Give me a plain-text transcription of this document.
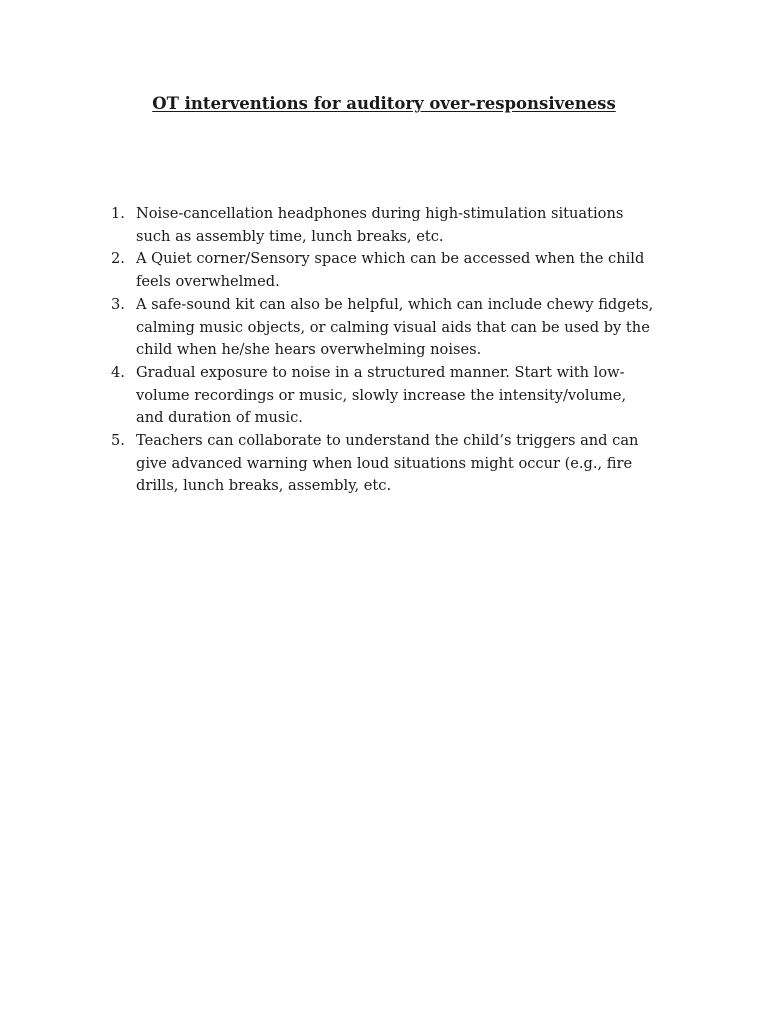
OT interventions for auditory over-responsiveness
1. Noise-cancellation headphones during high-stimulation situations such as assembly time, lunch breaks, etc.
2. A Quiet corner/Sensory space which can be accessed when the child feels overwhelmed.
3. A safe-sound kit can also be helpful, which can include chewy fidgets, calming music objects, or calming visual aids that can be used by the child when he/she hears overwhelming noises.
4. Gradual exposure to noise in a structured manner. Start with low-volume recordings or music, slowly increase the intensity/volume, and duration of music.
5. Teachers can collaborate to understand the child’s triggers and can give advanced warning when loud situations might occur (e.g., fire drills, lunch breaks, assembly, etc.
